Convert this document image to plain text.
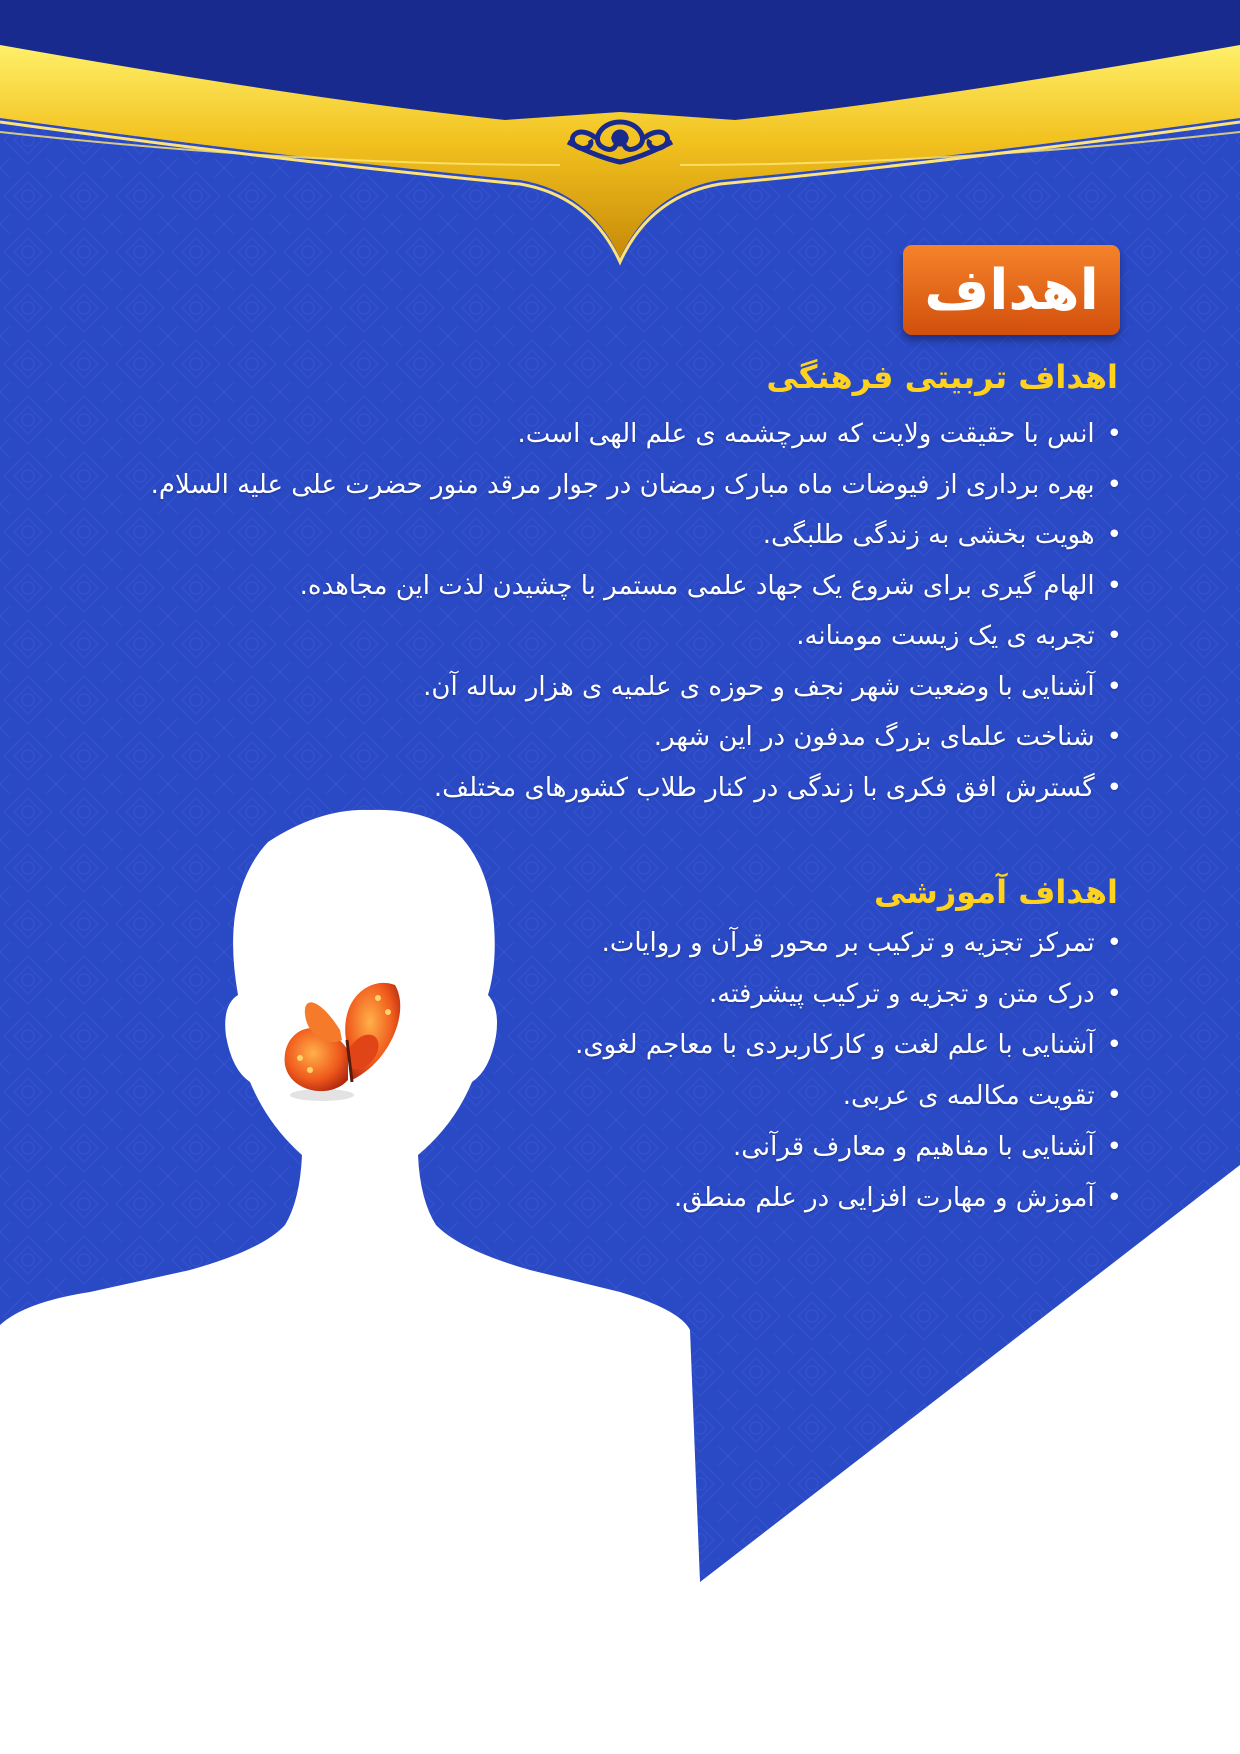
اهداف
اهداف تربیتی فرهنگی
• انس با حقیقت ولایت که سرچشمه ی علم الهی است.
• بهره برداری از فیوضات ماه مبارک رمضان در جوار مرقد منور حضرت علی علیه السلام.
• هویت بخشی به زندگی طلبگی.
• الهام گیری برای شروع یک جهاد علمی مستمر با چشیدن لذت این مجاهده.
• تجربه ی یک زیست مومنانه.
• آشنایی با وضعیت شهر نجف و حوزه ی علمیه ی هزار ساله آن.
• شناخت علمای بزرگ مدفون در این شهر.
• گسترش افق فکری با زندگی در کنار طلاب کشورهای مختلف.
اهداف آموزشی
• تمرکز تجزیه و ترکیب بر محور قرآن و روایات.
• درک متن و تجزیه و ترکیب پیشرفته.
• آشنایی با علم لغت و کارکاربردی با معاجم لغوی.
• تقویت مکالمه ی عربی.
• آشنایی با مفاهیم و معارف قرآنی.
• آموزش و مهارت افزایی در علم منطق.
